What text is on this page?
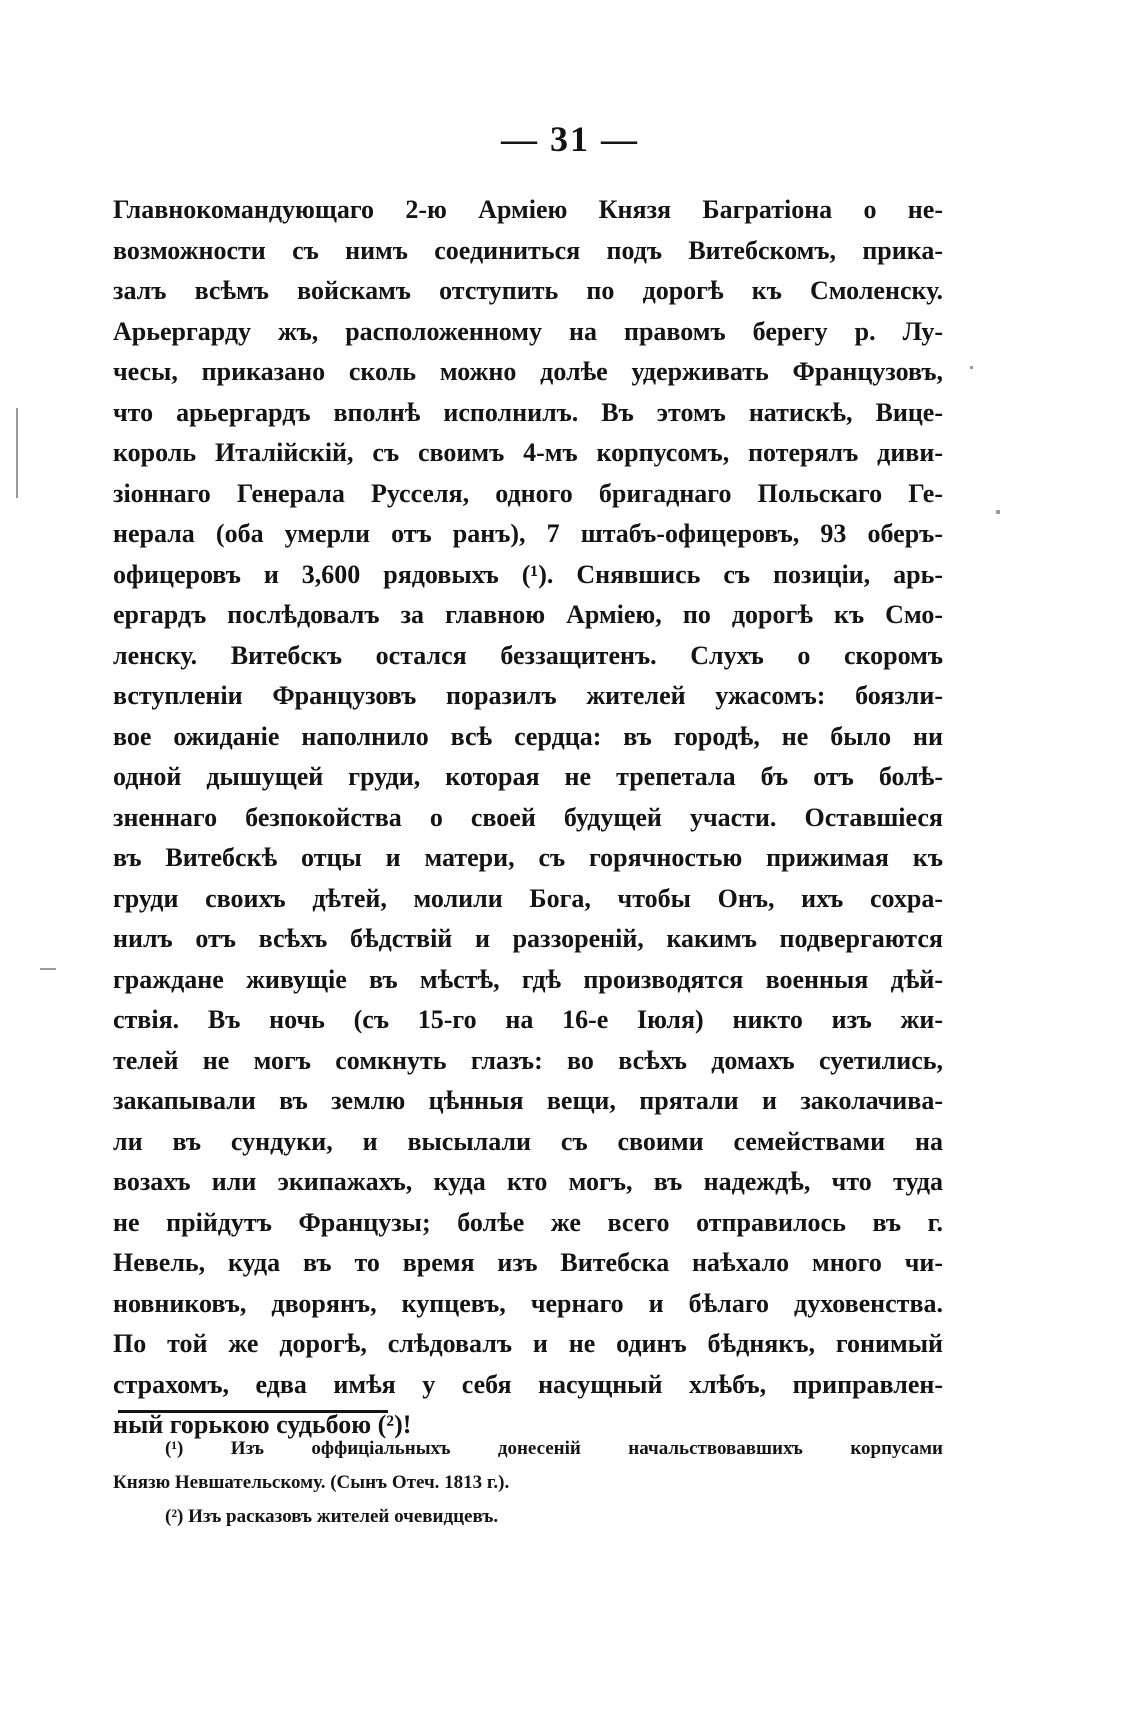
— 31 —
Главнокомандующаго 2-ю Арміею Князя Багратіона о не-
возможности съ нимъ соединиться подъ Витебскомъ, прика-
залъ всѣмъ войскамъ отступить по дорогѣ къ Смоленску.
Арьергарду жъ, расположенному на правомъ берегу р. Лу-
чесы, приказано сколь можно долѣе удерживать Французовъ,
что арьергардъ вполнѣ исполнилъ. Въ этомъ натискѣ, Вице-
король Италійскій, съ своимъ 4-мъ корпусомъ, потерялъ диви-
зіоннаго Генерала Русселя, одного бригаднаго Польскаго Ге-
нерала (оба умерли отъ ранъ), 7 штабъ-офицеровъ, 93 оберъ-
офицеровъ и 3,600 рядовыхъ (¹). Снявшись съ позиціи, арь-
ергардъ послѣдовалъ за главною Арміею, по дорогѣ къ Смо-
ленску. Витебскъ остался беззащитенъ. Слухъ о скоромъ
вступленіи Французовъ поразилъ жителей ужасомъ: боязли-
вое ожиданіе наполнило всѣ сердца: въ городѣ, не было ни
одной дышущей груди, которая не трепетала бъ отъ болѣ-
зненнаго безпокойства о своей будущей участи. Оставшіеся
въ Витебскѣ отцы и матери, съ горячностью прижимая къ
груди своихъ дѣтей, молили Бога, чтобы Онъ, ихъ сохра-
нилъ отъ всѣхъ бѣдствій и раззореній, какимъ подвергаются
граждане живущіе въ мѣстѣ, гдѣ производятся военныя дѣй-
ствія. Въ ночь (съ 15-го на 16-е Іюля) никто изъ жи-
телей не могъ сомкнуть глазъ: во всѣхъ домахъ суетились,
закапывали въ землю цѣнныя вещи, прятали и заколачива-
ли въ сундуки, и высылали съ своими семействами на
возахъ или экипажахъ, куда кто могъ, въ надеждѣ, что туда
не прійдутъ Французы; болѣе же всего отправилось въ г.
Невель, куда въ то время изъ Витебска наѣхало много чи-
новниковъ, дворянъ, купцевъ, чернаго и бѣлаго духовенства.
По той же дорогѣ, слѣдовалъ и не одинъ бѣднякъ, гонимый
страхомъ, едва имѣя у себя насущный хлѣбъ, приправлен-
ный горькою судьбою (²)!
(¹) Изъ оффиціальныхъ донесеній начальствовавшихъ корпусами
Князю Невшательскому. (Сынъ Отеч. 1813 г.).
(²) Изъ расказовъ жителей очевидцевъ.
